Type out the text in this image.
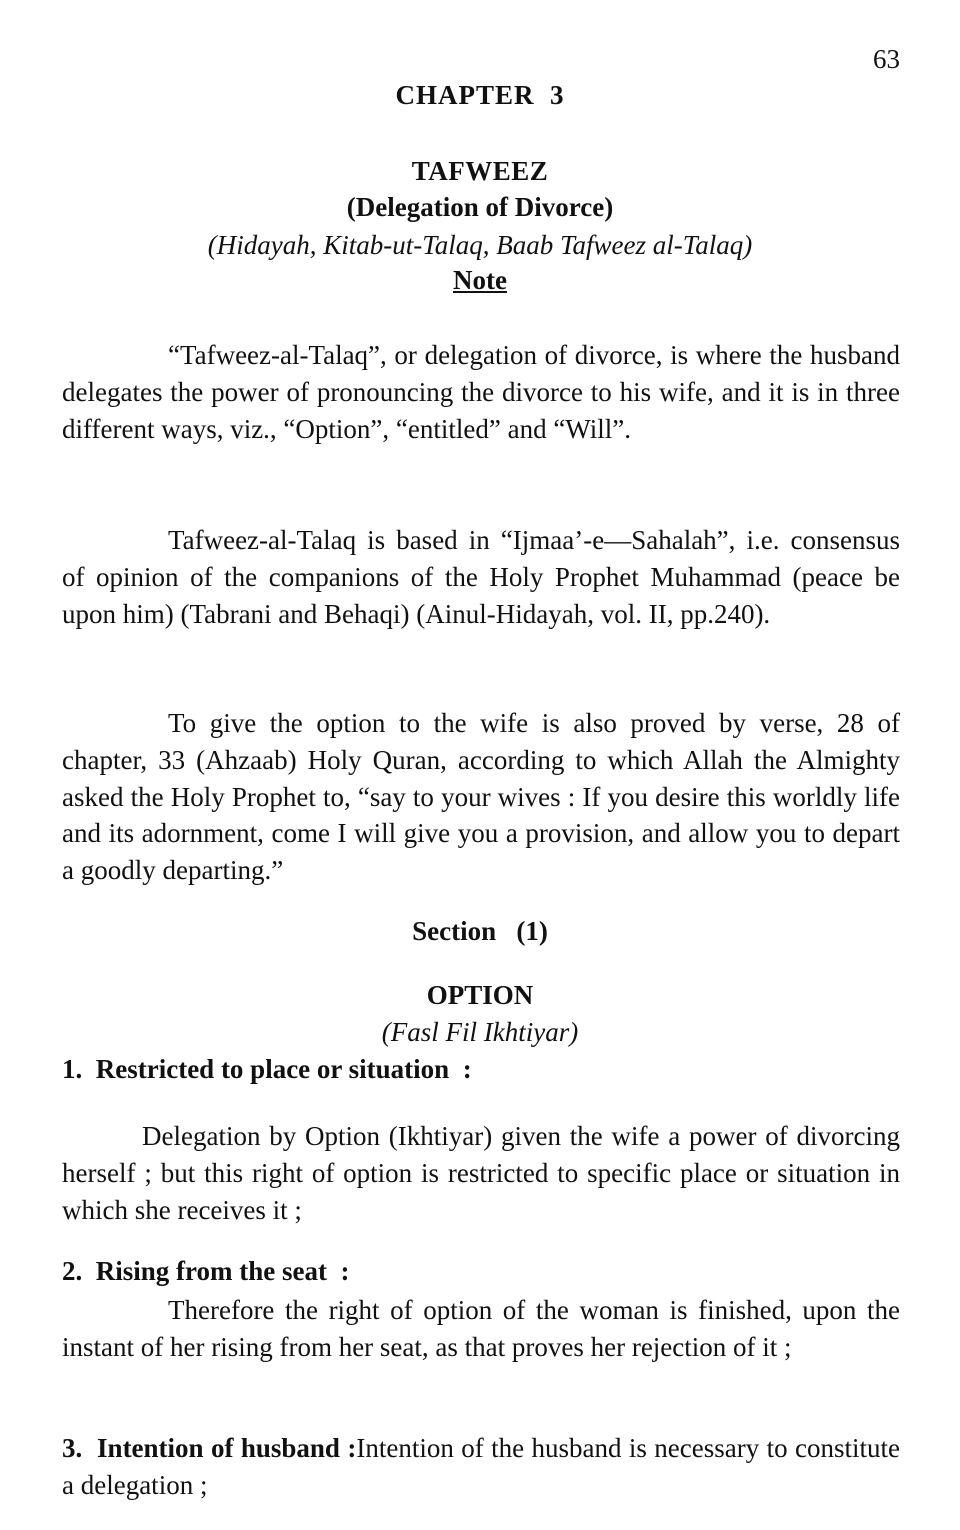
63
CHAPTER  3
TAFWEEZ
(Delegation of Divorce)
(Hidayah, Kitab-ut-Talaq, Baab Tafweez al-Talaq)
Note

“Tafweez-al-Talaq”, or delegation of divorce, is where the husband delegates the power of pronouncing the divorce to his wife, and it is in three different ways, viz., “Option”, “entitled” and “Will”.

Tafweez-al-Talaq is based in “Ijmaa’-e—Sahalah”, i.e. consensus of opinion of the companions of the Holy Prophet Muhammad (peace be upon him) (Tabrani and Behaqi) (Ainul-Hidayah, vol. II, pp.240).

To give the option to the wife is also proved by verse, 28 of chapter, 33 (Ahzaab) Holy Quran, according to which Allah the Almighty asked the Holy Prophet to, “say to your wives : If you desire this worldly life and its adornment, come I will give you a provision, and allow you to depart a goodly departing.”

Section   (1)
OPTION
(Fasl Fil Ikhtiyar)

1.  Restricted to place or situation  :

Delegation by Option (Ikhtiyar) given the wife a power of divorcing herself ; but this right of option is restricted to specific place or situation in which she receives it ;

2.  Rising from the seat  :

Therefore the right of option of the woman is finished, upon the instant of her rising from her seat, as that proves her rejection of it ;

3.  Intention of husband :Intention of the husband is necessary to constitute a delegation ;
